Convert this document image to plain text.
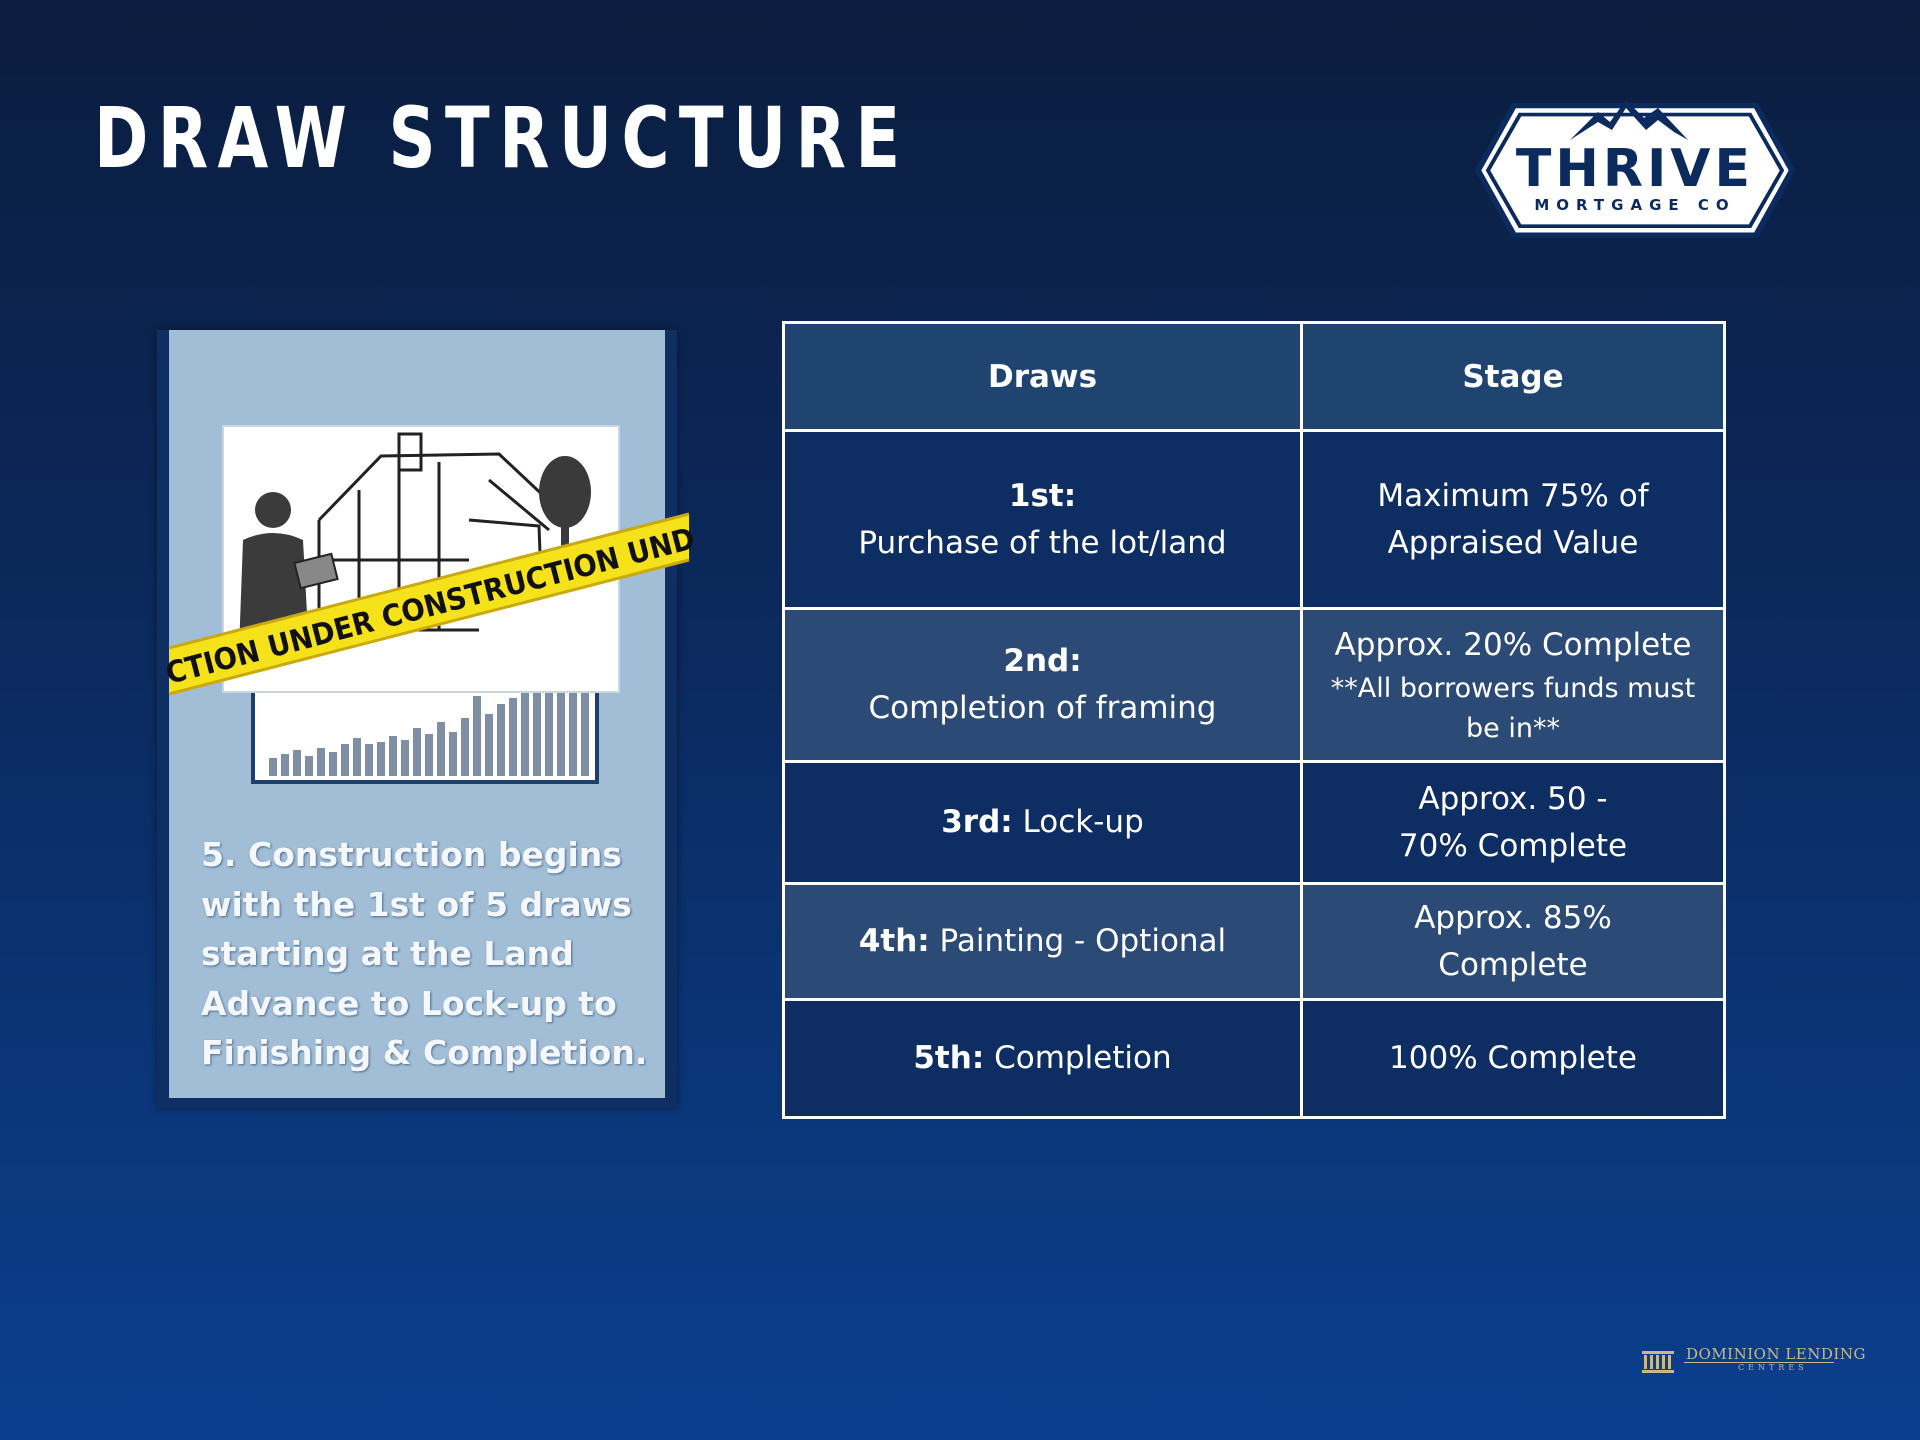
DRAW STRUCTURE	THRIVE
MORTGAGE CO
CTION UNDER CONSTRUCTION UND
5. Construction begins with the 1st of 5 draws starting at the Land Advance to Lock-up to Finishing & Completion.
Draws	Stage
1st:
Purchase of the lot/land	Maximum 75% of Appraised Value
2nd:
Completion of framing	Approx. 20% Complete
**All borrowers funds must be in**

3rd: Lock-up	Approx. 50 - 70% Complete
4th: Painting - Optional	Approx. 85% Complete
5th: Completion	100% Complete
DOMINION LENDING
CENTRES
